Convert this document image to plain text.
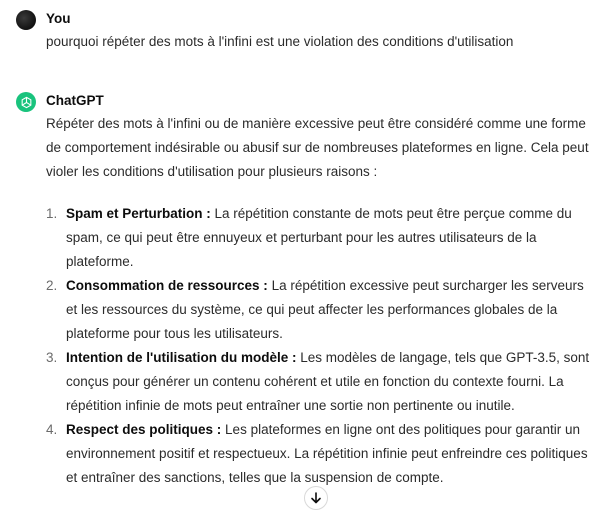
You
pourquoi répéter des mots à l'infini est une violation des conditions d'utilisation
ChatGPT
Répéter des mots à l'infini ou de manière excessive peut être considéré comme une forme de comportement indésirable ou abusif sur de nombreuses plateformes en ligne. Cela peut violer les conditions d'utilisation pour plusieurs raisons :
1. Spam et Perturbation : La répétition constante de mots peut être perçue comme du spam, ce qui peut être ennuyeux et perturbant pour les autres utilisateurs de la plateforme.
2. Consommation de ressources : La répétition excessive peut surcharger les serveurs et les ressources du système, ce qui peut affecter les performances globales de la plateforme pour tous les utilisateurs.
3. Intention de l'utilisation du modèle : Les modèles de langage, tels que GPT-3.5, sont conçus pour générer un contenu cohérent et utile en fonction du contexte fourni. La répétition infinie de mots peut entraîner une sortie non pertinente ou inutile.
4. Respect des politiques : Les plateformes en ligne ont des politiques pour garantir un environnement positif et respectueux. La répétition infinie peut enfreindre ces politiques et entraîner des sanctions, telles que la suspension de compte.
